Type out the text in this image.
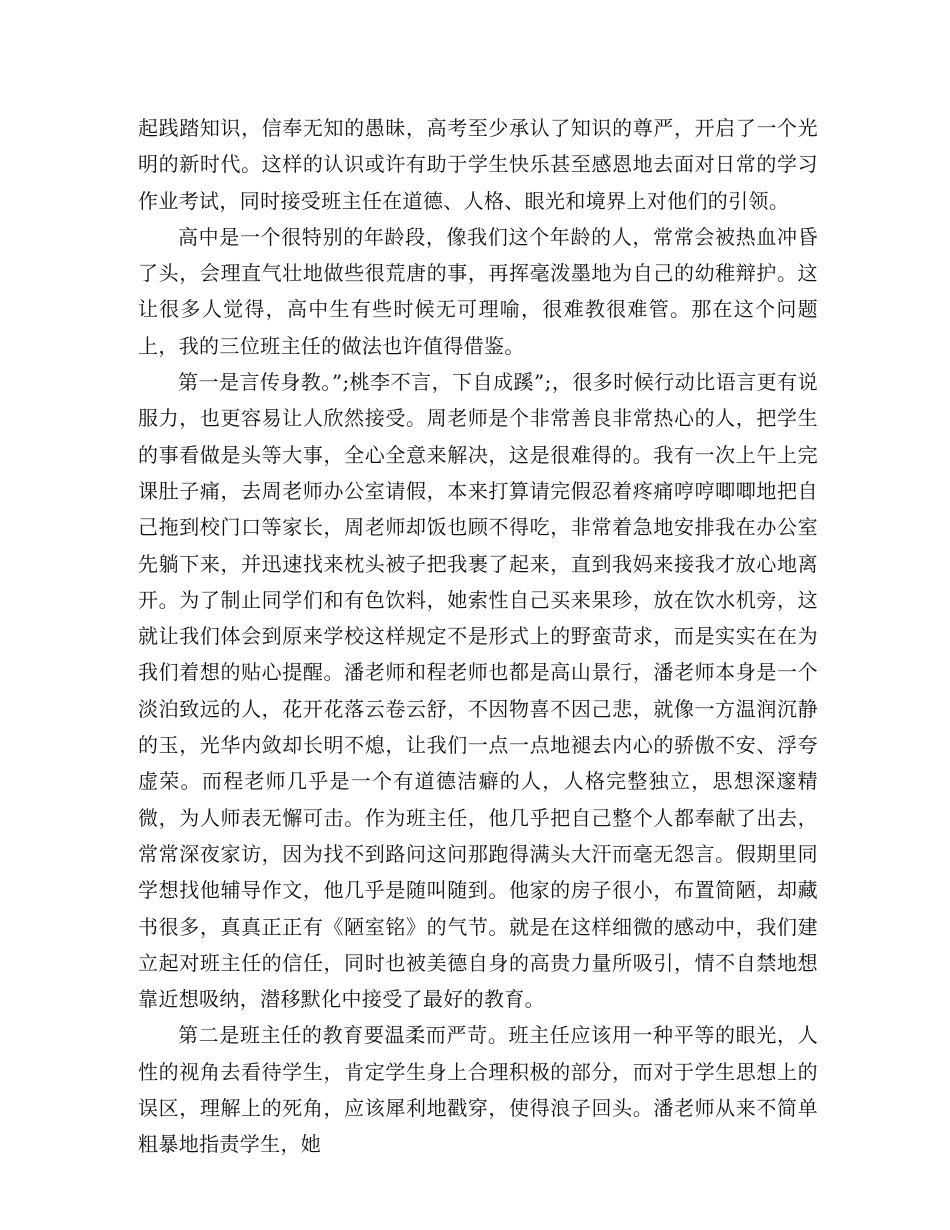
起践踏知识，信奉无知的愚昧，高考至少承认了知识的尊严，开启了一个光明的新时代。这样的认识或许有助于学生快乐甚至感恩地去面对日常的学习作业考试，同时接受班主任在道德、人格、眼光和境界上对他们的引领。

高中是一个很特别的年龄段，像我们这个年龄的人，常常会被热血冲昏了头，会理直气壮地做些很荒唐的事，再挥毫泼墨地为自己的幼稚辩护。这让很多人觉得，高中生有些时候无可理喻，很难教很难管。那在这个问题上，我的三位班主任的做法也许值得借鉴。

第一是言传身教。”;桃李不言，下自成蹊”;，很多时候行动比语言更有说服力，也更容易让人欣然接受。周老师是个非常善良非常热心的人，把学生的事看做是头等大事，全心全意来解决，这是很难得的。我有一次上午上完课肚子痛，去周老师办公室请假，本来打算请完假忍着疼痛哼哼唧唧地把自己拖到校门口等家长，周老师却饭也顾不得吃，非常着急地安排我在办公室先躺下来，并迅速找来枕头被子把我裹了起来，直到我妈来接我才放心地离开。为了制止同学们和有色饮料，她索性自己买来果珍，放在饮水机旁，这就让我们体会到原来学校这样规定不是形式上的野蛮苛求，而是实实在在为我们着想的贴心提醒。潘老师和程老师也都是高山景行，潘老师本身是一个淡泊致远的人，花开花落云卷云舒，不因物喜不因己悲，就像一方温润沉静的玉，光华内敛却长明不熄，让我们一点一点地褪去内心的骄傲不安、浮夸虚荣。而程老师几乎是一个有道德洁癖的人，人格完整独立，思想深邃精微，为人师表无懈可击。作为班主任，他几乎把自己整个人都奉献了出去，常常深夜家访，因为找不到路问这问那跑得满头大汗而毫无怨言。假期里同学想找他辅导作文，他几乎是随叫随到。他家的房子很小，布置简陋，却藏书很多，真真正正有《陋室铭》的气节。就是在这样细微的感动中，我们建立起对班主任的信任，同时也被美德自身的高贵力量所吸引，情不自禁地想靠近想吸纳，潜移默化中接受了最好的教育。

第二是班主任的教育要温柔而严苛。班主任应该用一种平等的眼光，人性的视角去看待学生，肯定学生身上合理积极的部分，而对于学生思想上的误区，理解上的死角，应该犀利地戳穿，使得浪子回头。潘老师从来不简单粗暴地指责学生，她
